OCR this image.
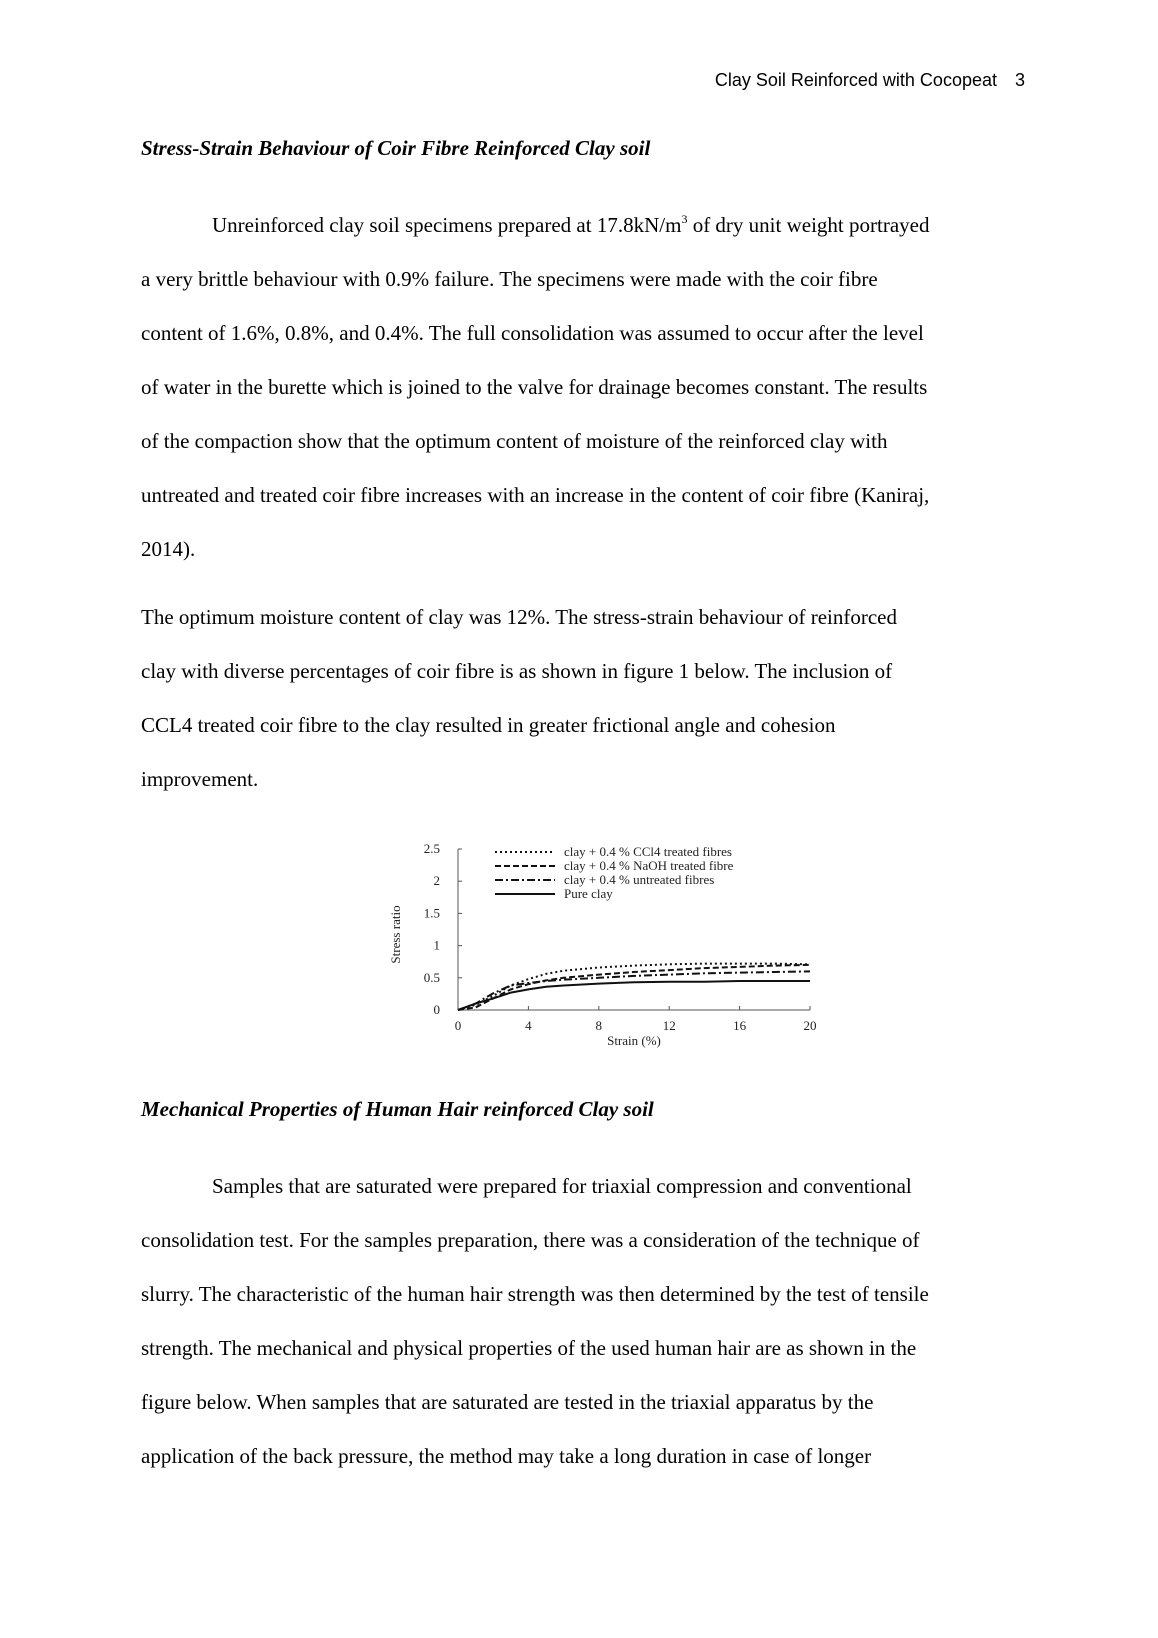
Clay Soil Reinforced with Cocopeat 3
Stress-Strain Behaviour of Coir Fibre Reinforced Clay soil
Unreinforced clay soil specimens prepared at $17.8kN/m^3$ of dry unit weight portrayed
a very brittle behaviour with 0.9% failure. The specimens were made with the coir fibre
content of 1.6%, 0.8%, and 0.4%. The full consolidation was assumed to occur after the level
of water in the burette which is joined to the valve for drainage becomes constant. The results
of the compaction show that the optimum content of moisture of the reinforced clay with
untreated and treated coir fibre increases with an increase in the content of coir fibre (Kaniraj,
2014).
The optimum moisture content of clay was 12%. The stress-strain behaviour of reinforced
clay with diverse percentages of coir fibre is as shown in figure 1 below. The inclusion of
CCL4 treated coir fibre to the clay resulted in greater frictional angle and cohesion
improvement.
0
0.5
1
1.5
2
2.5
0	4	8	12	16	20
Strain (%)
Stress ratio
clay + 0.4 % CCl4 treated fibres
clay + 0.4 % NaOH treated fibre
clay + 0.4 % untreated fibres
Pure clay
Mechanical Properties of Human Hair reinforced Clay soil
Samples that are saturated were prepared for triaxial compression and conventional
consolidation test. For the samples preparation, there was a consideration of the technique of
slurry. The characteristic of the human hair strength was then determined by the test of tensile
strength. The mechanical and physical properties of the used human hair are as shown in the
figure below. When samples that are saturated are tested in the triaxial apparatus by the
application of the back pressure, the method may take a long duration in case of longer
